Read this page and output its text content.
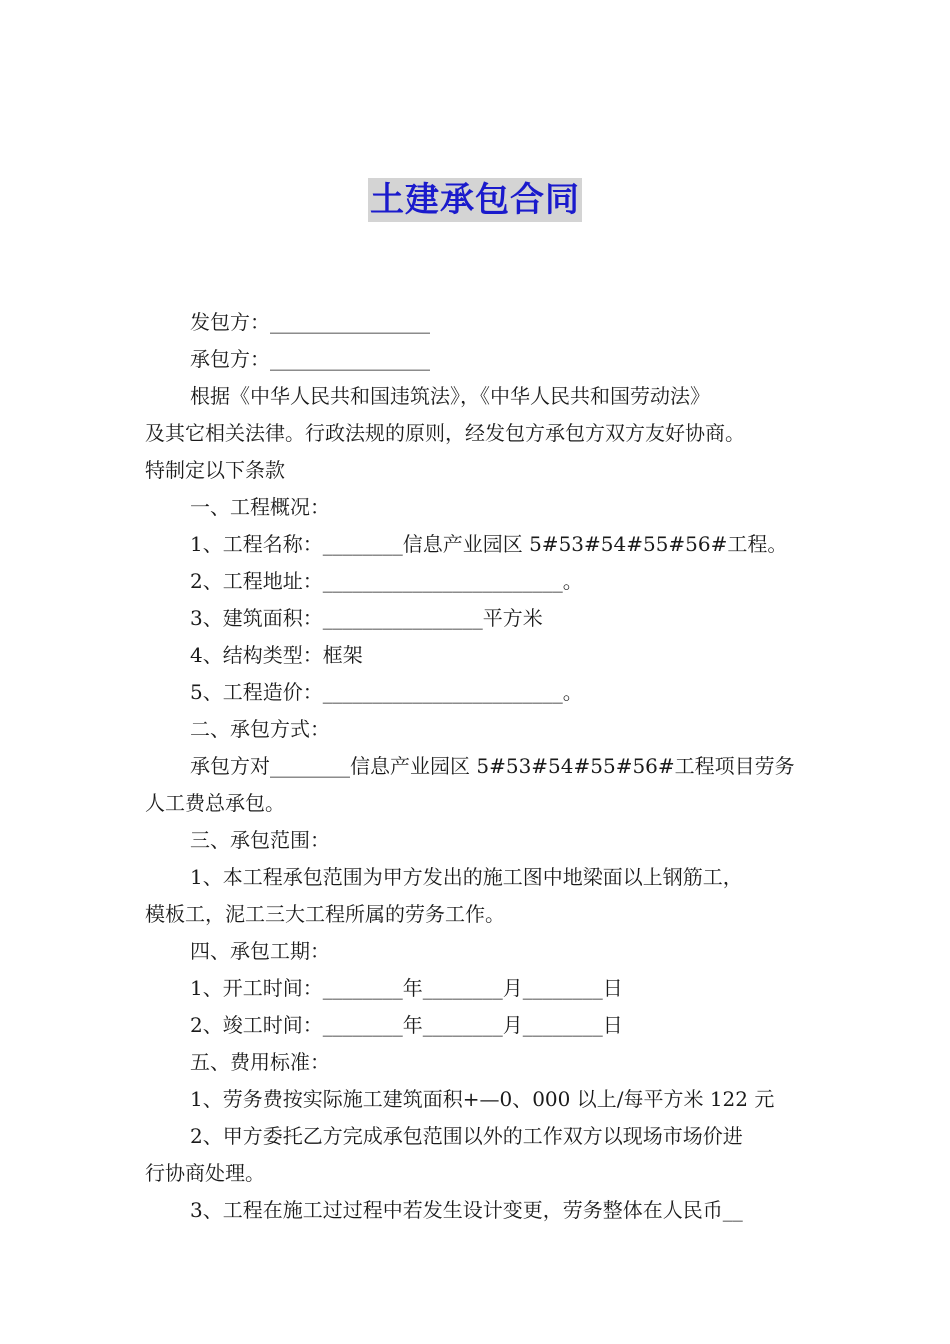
土建承包合同

发包方：________________

承包方：________________

根据《中华人民共和国违筑法》，《中华人民共和国劳动法》

及其它相关法律。行政法规的原则，经发包方承包方双方友好协商。

特制定以下条款

一、工程概况：

1、工程名称：________信息产业园区 5#53#54#55#56#工程。

2、工程地址：________________________。

3、建筑面积：________________平方米

4、结构类型：框架

5、工程造价：________________________。

二、承包方式：

承包方对________信息产业园区 5#53#54#55#56#工程项目劳务

人工费总承包。

三、承包范围：

1、本工程承包范围为甲方发出的施工图中地梁面以上钢筋工，

模板工，泥工三大工程所属的劳务工作。

四、承包工期：

1、开工时间：________年________月________日

2、竣工时间：________年________月________日

五、费用标准：

1、劳务费按实际施工建筑面积+—0、000 以上/每平方米 122 元

2、甲方委托乙方完成承包范围以外的工作双方以现场市场价进

行协商处理。

3、工程在施工过过程中若发生设计变更，劳务整体在人民币__
